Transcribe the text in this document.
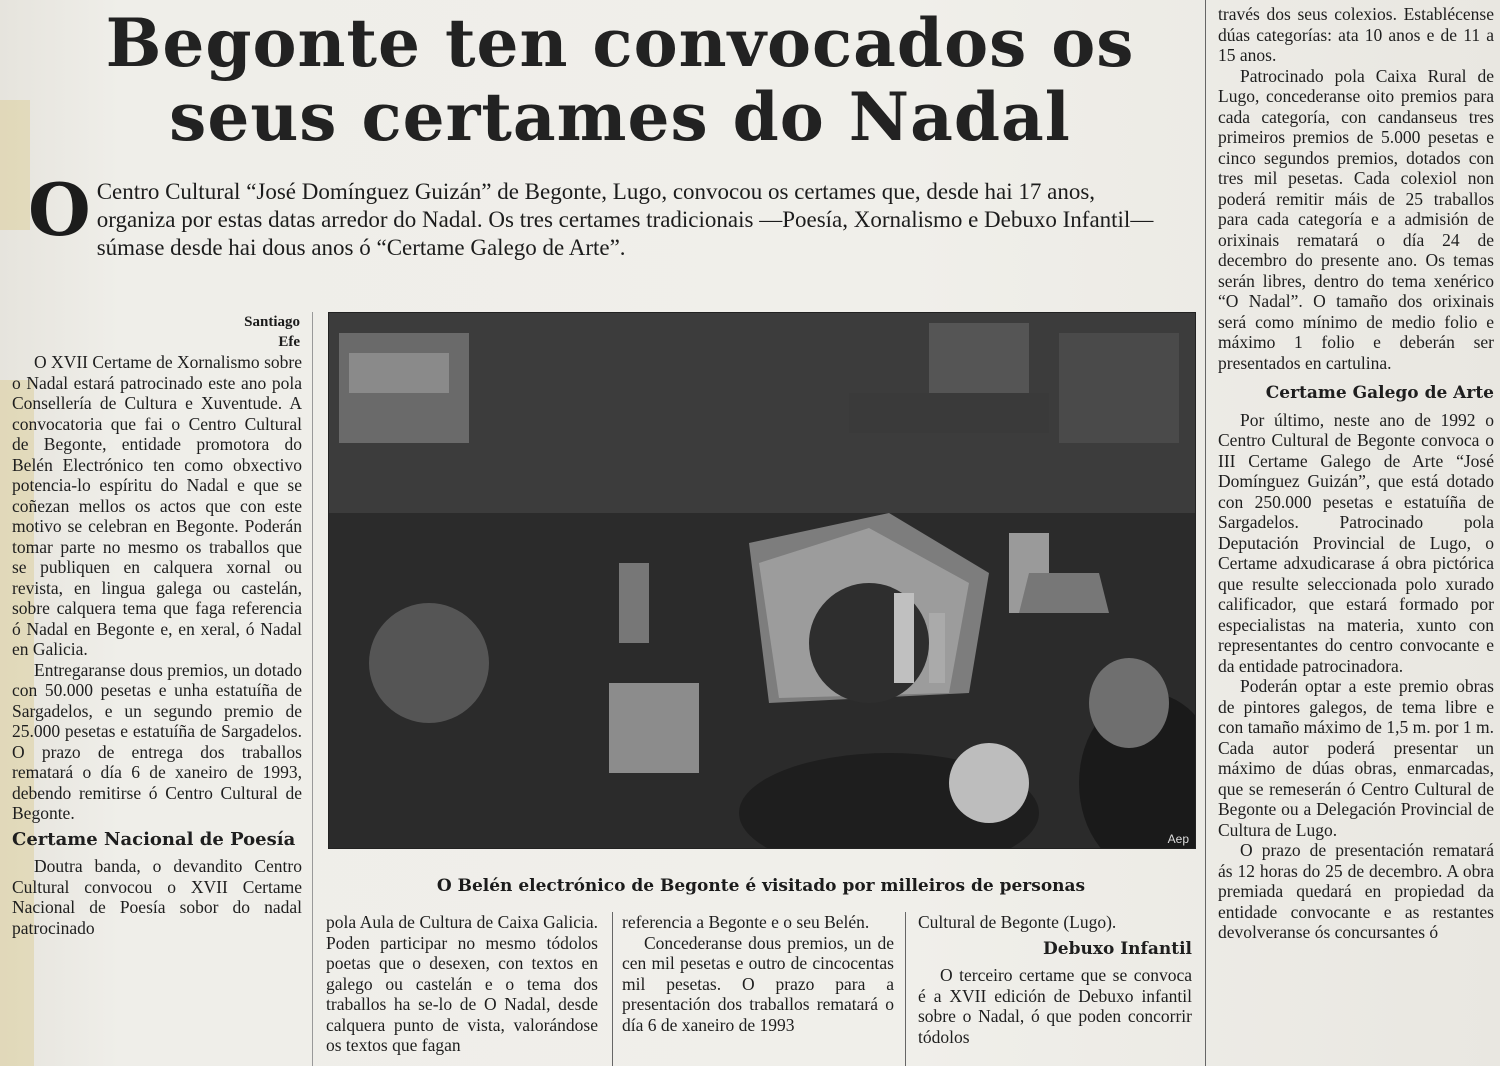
Begonte ten convocados os
seus certames do Nadal
O Centro Cultural “José Domínguez Guizán” de Begonte, Lugo, convocou os certames que, desde hai 17 anos, organiza por estas datas arredor do Nadal. Os tres certames tradicionais —Poesía, Xornalismo e Debuxo Infantil— súmase desde hai dous anos ó “Certame Galego de Arte”.
Santiago
Efe

O XVII Certame de Xornalismo sobre o Nadal estará patrocinado este ano pola Consellería de Cultura e Xuventude. A convocatoria que fai o Centro Cultural de Begonte, entidade promotora do Belén Electrónico ten como obxectivo potencia-lo espíritu do Nadal e que se coñezan mellos os actos que con este motivo se celebran en Begonte. Poderán tomar parte no mesmo os traballos que se publiquen en calquera xornal ou revista, en lingua galega ou castelán, sobre calquera tema que faga referencia ó Nadal en Begonte e, en xeral, ó Nadal en Galicia.

Entregaranse dous premios, un dotado con 50.000 pesetas e unha estatuíña de Sargadelos, e un segundo premio de 25.000 pesetas e estatuíña de Sargadelos. O prazo de entrega dos traballos rematará o día 6 de xaneiro de 1993, debendo remitirse ó Centro Cultural de Begonte.

Certame Nacional de Poesía

Doutra banda, o devandito Centro Cultural convocou o XVII Certame Nacional de Poesía sobor do nadal patrocinado

Aep
O Belén electrónico de Begonte é visitado por milleiros de personas

pola Aula de Cultura de Caixa Galicia. Poden participar no mesmo tódolos poetas que o desexen, con textos en galego ou castelán e o tema dos traballos ha se-lo de O Nadal, desde calquera punto de vista, valorándose os textos que fagan

referencia a Begonte e o seu Belén.

Concederanse dous premios, un de cen mil pesetas e outro de cincocentas mil pesetas. O prazo para a presentación dos traballos rematará o día 6 de xaneiro de 1993

Cultural de Begonte (Lugo).

Debuxo Infantil

O terceiro certame que se convoca é a XVII edición de Debuxo infantil sobre o Nadal, ó que poden concorrir tódolos

través dos seus colexios. Establécense dúas categorías: ata 10 anos e de 11 a 15 anos.

Patrocinado pola Caixa Rural de Lugo, concederanse oito premios para cada categoría, con candanseus tres primeiros premios de 5.000 pesetas e cinco segundos premios, dotados con tres mil pesetas. Cada colexiol non poderá remitir máis de 25 traballos para cada categoría e a admisión de orixinais rematará o día 24 de decembro do presente ano. Os temas serán libres, dentro do tema xenérico “O Nadal”. O tamaño dos orixinais será como mínimo de medio folio e máximo 1 folio e deberán ser presentados en cartulina.

Certame Galego de Arte

Por último, neste ano de 1992 o Centro Cultural de Begonte convoca o III Certame Galego de Arte “José Domínguez Guizán”, que está dotado con 250.000 pesetas e estatuíña de Sargadelos. Patrocinado pola Deputación Provincial de Lugo, o Certame adxudicarase á obra pictórica que resulte seleccionada polo xurado calificador, que estará formado por especialistas na materia, xunto con representantes do centro convocante e da entidade patrocinadora.

Poderán optar a este premio obras de pintores galegos, de tema libre e con tamaño máximo de 1,5 m. por 1 m. Cada autor poderá presentar un máximo de dúas obras, enmarcadas, que se remeserán ó Centro Cultural de Begonte ou a Delegación Provincial de Cultura de Lugo.

O prazo de presentación rematará ás 12 horas do 25 de decembro. A obra premiada quedará en propiedad da entidade convocante e as restantes devolveranse ós concursantes ó
